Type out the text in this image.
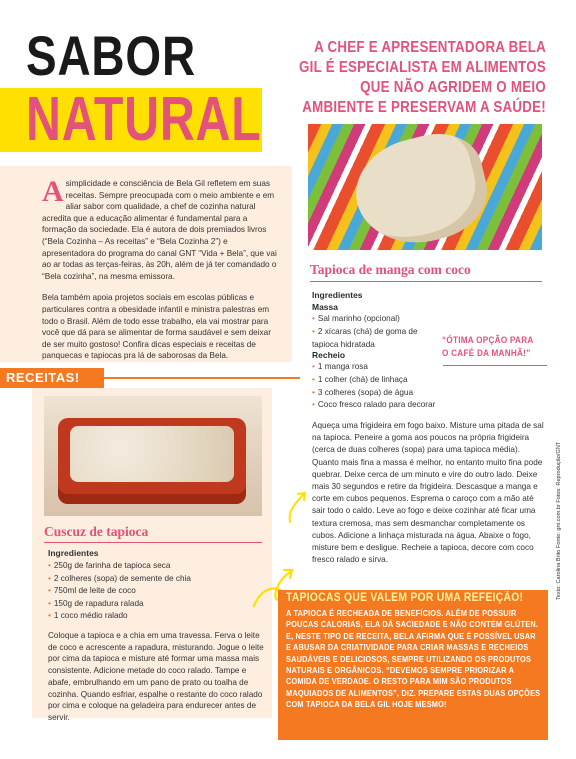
SABOR
NATURAL
A CHEF E APRESENTADORA BELA GIL É ESPECIALISTA EM ALIMENTOS QUE NÃO AGRIDEM O MEIO AMBIENTE E PRESERVAM A SAÚDE!

Asimplicidade e consciência de Bela Gil refletem em suas receitas. Sempre preocupada com o meio ambiente e em aliar sabor com qualidade, a chef de cozinha natural acredita que a educação alimentar é fundamental para a formação da sociedade. Ela é autora de dois premiados livros (“Bela Cozinha – As receitas” e “Bela Cozinha 2”) e apresentadora do programa do canal GNT “Vida + Bela”, que vai ao ar todas as terças-feiras, às 20h, além de já ter comandado o “Bela cozinha”, na mesma emissora.

Bela também apoia projetos sociais em escolas públicas e particulares contra a obesidade infantil e ministra palestras em todo o Brasil. Além de todo esse trabalho, ela vai mostrar para você que dá para se alimentar de forma saudável e sem deixar de ser muito gostoso! Confira dicas especiais e receitas de panquecas e tapiocas pra lá de saborosas da Bela.

RECEITAS!
Cuscuz de tapioca
Ingredientes
• 250g de farinha de tapioca seca
• 2 colheres (sopa) de semente de chia
• 750ml de leite de coco
• 150g de rapadura ralada
• 1 coco médio ralado
Coloque a tapioca e a chia em uma travessa. Ferva o leite de coco e acrescente a rapadura, misturando. Jogue o leite por cima da tapioca e misture até formar uma massa mais consistente. Adicione metade do coco ralado. Tampe e abafe, embrulhando em um pano de prato ou toalha de cozinha. Quando esfriar, espalhe o restante do coco ralado por cima e coloque na geladeira para endurecer antes de servir.
Tapioca de manga com coco
Ingredientes
Massa
• Sal marinho (opcional)
• 2 xícaras (chá) de goma de tapioca hidratada
Recheio
• 1 manga rosa
• 1 colher (chá) de linhaça
• 3 colheres (sopa) de água
• Coco fresco ralado para decorar
Aqueça uma frigideira em fogo baixo. Misture uma pitada de sal na tapioca. Peneire a goma aos poucos na própria frigideira (cerca de duas colheres (sopa) para uma tapioca média). Quanto mais fina a massa é melhor, no entanto muito fina pode quebrar. Deixe cerca de um minuto e vire do outro lado. Deixe mais 30 segundos e retire da frigideira. Descasque a manga e corte em cubos pequenos. Esprema o caroço com a mão até sair todo o caldo. Leve ao fogo e deixe cozinhar até ficar uma textura cremosa, mas sem desmanchar completamente os cubos. Adicione a linhaça misturada na água. Abaixe o fogo, misture bem e desligue. Recheie a tapioca, decore com coco fresco ralado e sirva.
“ÓTIMA OPÇÃO PARA O CAFÉ DA MANHÃ!”
Texto: Carolina Brito Fonte: gnt.com.br Fotos: Reprodução/GNT
TAPIOCAS QUE VALEM POR UMA REFEIÇÃO!
A TAPIOCA É RECHEADA DE BENEFÍCIOS. ALÉM DE POSSUIR POUCAS CALORIAS, ELA DÁ SACIEDADE E NÃO CONTÉM GLÚTEN. E, NESTE TIPO DE RECEITA, BELA AFIRMA QUE É POSSÍVEL USAR E ABUSAR DA CRIATIVIDADE PARA CRIAR MASSAS E RECHEIOS SAUDÁVEIS E DELICIOSOS, SEMPRE UTILIZANDO OS PRODUTOS NATURAIS E ORGÂNICOS. “DEVEMOS SEMPRE PRIORIZAR A COMIDA DE VERDADE. O RESTO PARA MIM SÃO PRODUTOS MAQUIADOS DE ALIMENTOS”, DIZ. PREPARE ESTAS DUAS OPÇÕES COM TAPIOCA DA BELA GIL HOJE MESMO!
